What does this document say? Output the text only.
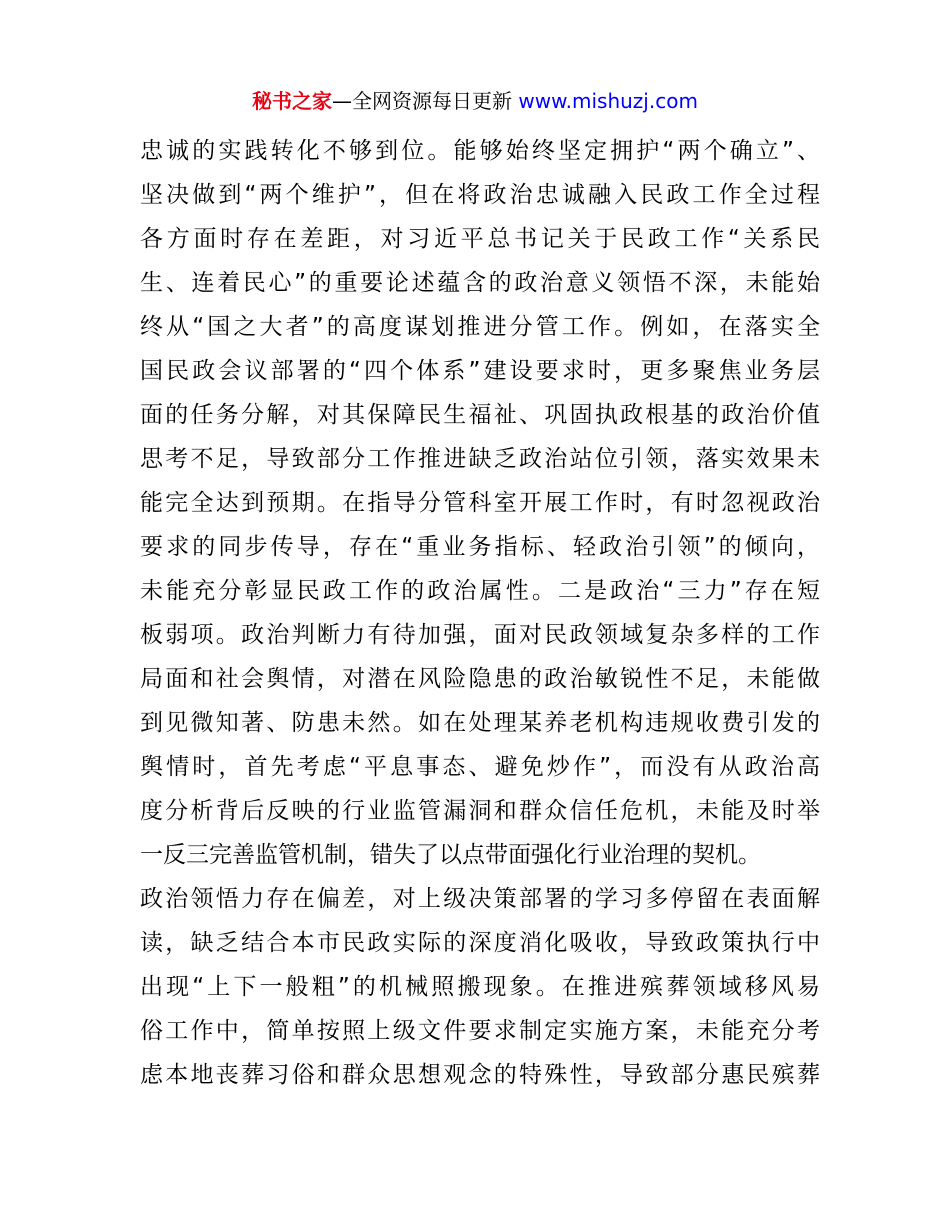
秘书之家—全网资源每日更新 www.mishuzj.com
忠诚的实践转化不够到位。能够始终坚定拥护“两个确立”、
坚决做到“两个维护”，但在将政治忠诚融入民政工作全过程
各方面时存在差距，对习近平总书记关于民政工作“关系民
生、连着民心”的重要论述蕴含的政治意义领悟不深，未能始
终从“国之大者”的高度谋划推进分管工作。例如，在落实全
国民政会议部署的“四个体系”建设要求时，更多聚焦业务层
面的任务分解，对其保障民生福祉、巩固执政根基的政治价值
思考不足，导致部分工作推进缺乏政治站位引领，落实效果未
能完全达到预期。在指导分管科室开展工作时，有时忽视政治
要求的同步传导，存在“重业务指标、轻政治引领”的倾向，
未能充分彰显民政工作的政治属性。二是政治“三力”存在短
板弱项。政治判断力有待加强，面对民政领域复杂多样的工作
局面和社会舆情，对潜在风险隐患的政治敏锐性不足，未能做
到见微知著、防患未然。如在处理某养老机构违规收费引发的
舆情时，首先考虑“平息事态、避免炒作”，而没有从政治高
度分析背后反映的行业监管漏洞和群众信任危机，未能及时举
一反三完善监管机制，错失了以点带面强化行业治理的契机。
政治领悟力存在偏差，对上级决策部署的学习多停留在表面解
读，缺乏结合本市民政实际的深度消化吸收，导致政策执行中
出现“上下一般粗”的机械照搬现象。在推进殡葬领域移风易
俗工作中，简单按照上级文件要求制定实施方案，未能充分考
虑本地丧葬习俗和群众思想观念的特殊性，导致部分惠民殡葬
